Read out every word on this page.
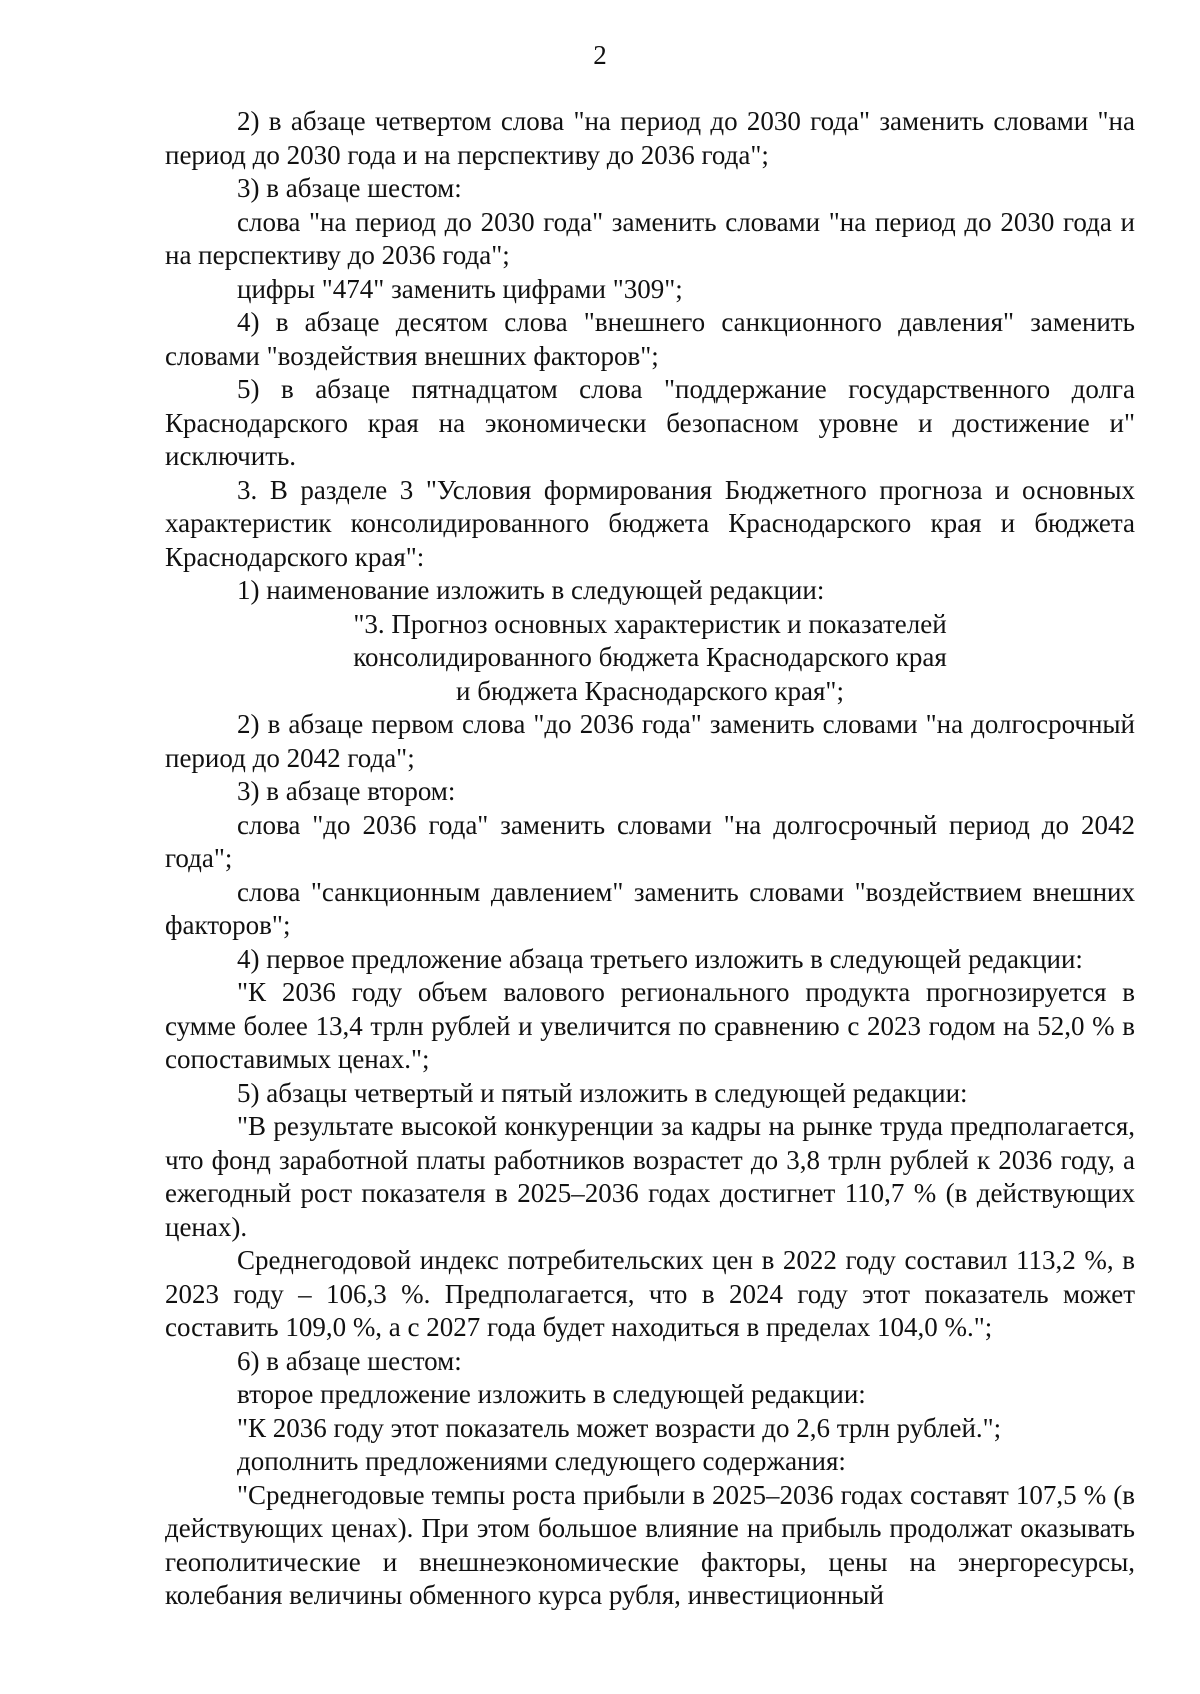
2

2) в абзаце четвертом слова "на период до 2030 года" заменить словами "на период до 2030 года и на перспективу до 2036 года";

3) в абзаце шестом:

слова "на период до 2030 года" заменить словами "на период до 2030 года и на перспективу до 2036 года";

цифры "474" заменить цифрами "309";

4) в абзаце десятом слова "внешнего санкционного давления" заменить словами "воздействия внешних факторов";

5) в абзаце пятнадцатом слова "поддержание государственного долга Краснодарского края на экономически безопасном уровне и достижение и" исключить.

3. В разделе 3 "Условия формирования Бюджетного прогноза и основных характеристик консолидированного бюджета Краснодарского края и бюджета Краснодарского края":

1) наименование изложить в следующей редакции:

"3. Прогноз основных характеристик и показателей
консолидированного бюджета Краснодарского края
и бюджета Краснодарского края";

2) в абзаце первом слова "до 2036 года" заменить словами "на долгосрочный период до 2042 года";

3) в абзаце втором:

слова "до 2036 года" заменить словами "на долгосрочный период до 2042 года";

слова "санкционным давлением" заменить словами "воздействием внешних факторов";

4) первое предложение абзаца третьего изложить в следующей редакции:

"К 2036 году объем валового регионального продукта прогнозируется в сумме более 13,4 трлн рублей и увеличится по сравнению с 2023 годом на 52,0 % в сопоставимых ценах.";

5) абзацы четвертый и пятый изложить в следующей редакции:

"В результате высокой конкуренции за кадры на рынке труда предполагается, что фонд заработной платы работников возрастет до 3,8 трлн рублей к 2036 году, а ежегодный рост показателя в 2025–2036 годах достигнет 110,7 % (в действующих ценах).

Среднегодовой индекс потребительских цен в 2022 году составил 113,2 %, в 2023 году – 106,3 %. Предполагается, что в 2024 году этот показатель может составить 109,0 %, а с 2027 года будет находиться в пределах 104,0 %.";

6) в абзаце шестом:

второе предложение изложить в следующей редакции:

"К 2036 году этот показатель может возрасти до 2,6 трлн рублей.";

дополнить предложениями следующего содержания:

"Среднегодовые темпы роста прибыли в 2025–2036 годах составят 107,5 % (в действующих ценах). При этом большое влияние на прибыль продолжат оказывать геополитические и внешнеэкономические факторы, цены на энергоресурсы, колебания величины обменного курса рубля, инвестиционный
